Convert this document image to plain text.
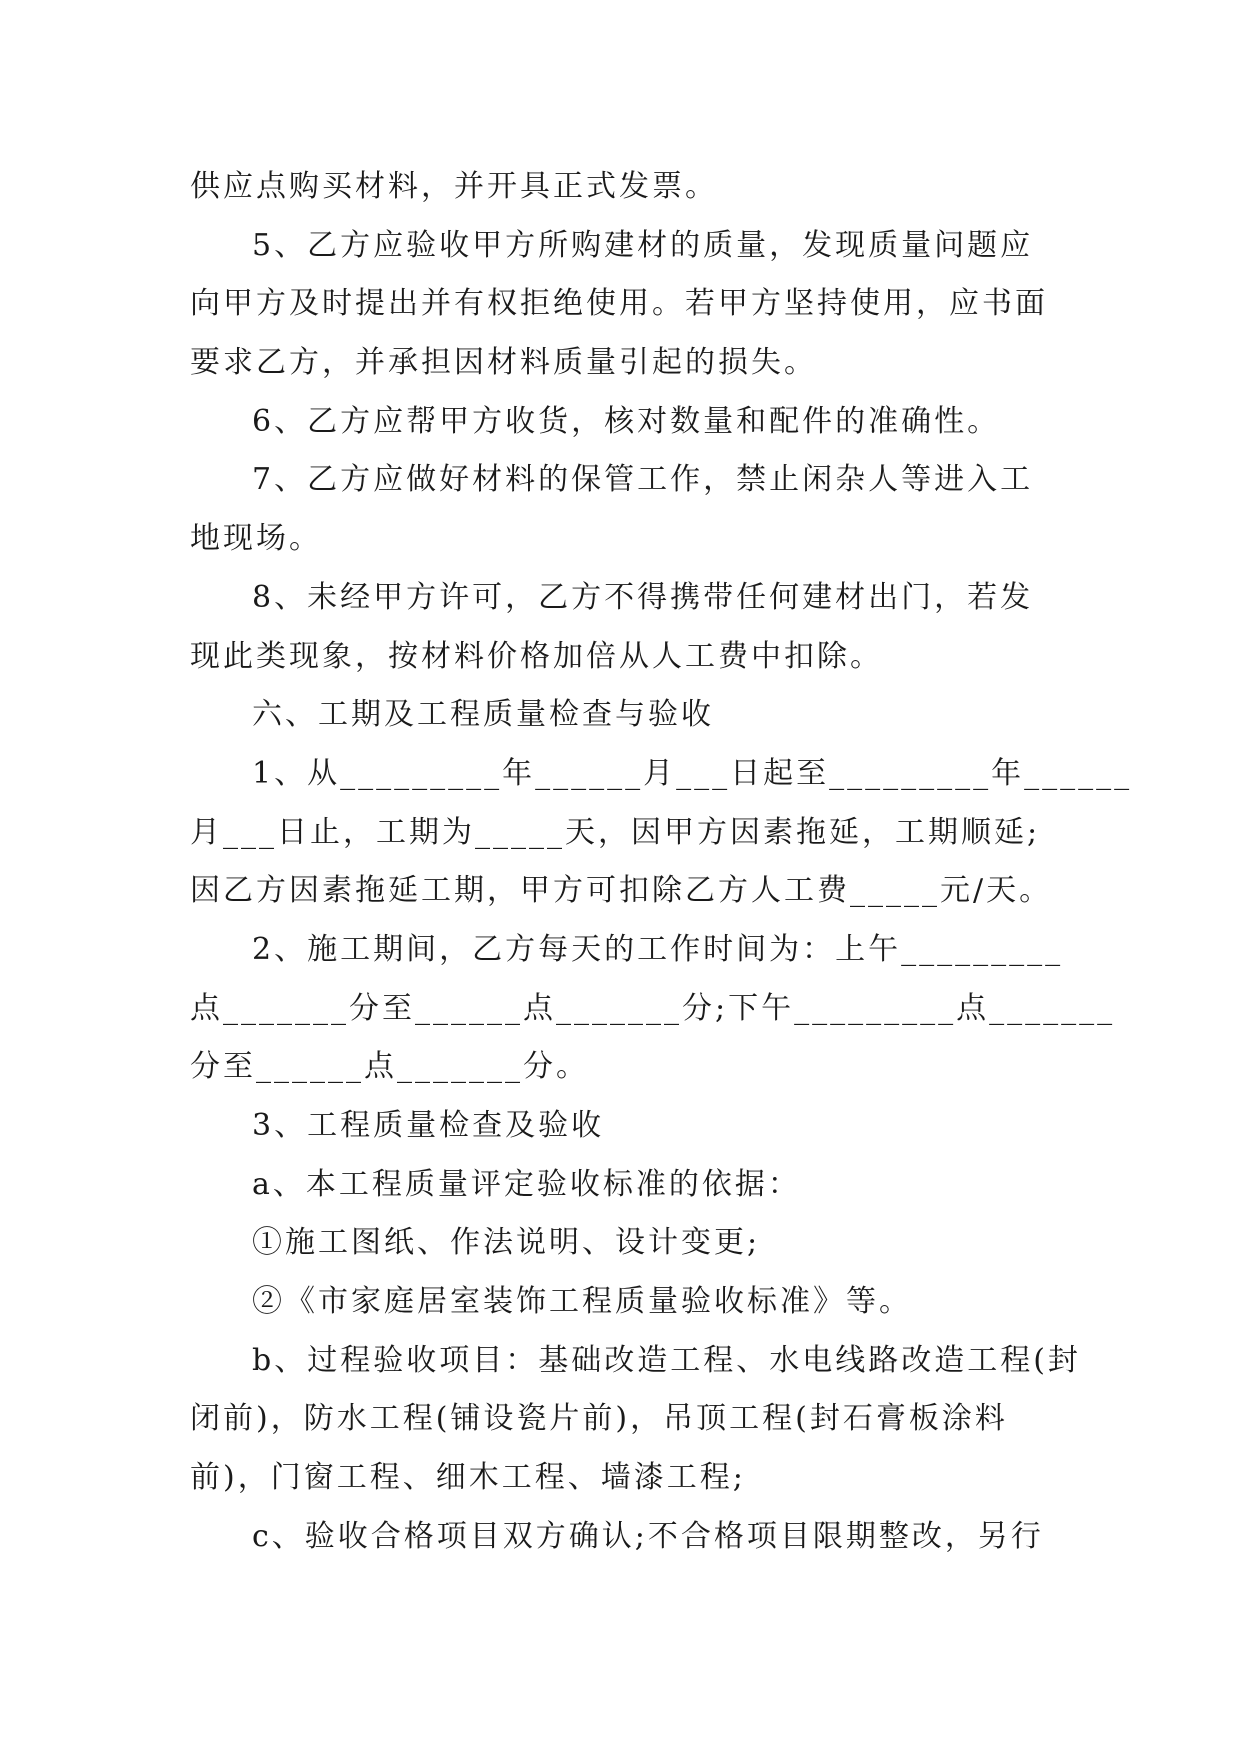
供应点购买材料，并开具正式发票。

5、乙方应验收甲方所购建材的质量，发现质量问题应

向甲方及时提出并有权拒绝使用。若甲方坚持使用，应书面

要求乙方，并承担因材料质量引起的损失。

6、乙方应帮甲方收货，核对数量和配件的准确性。

7、乙方应做好材料的保管工作，禁止闲杂人等进入工

地现场。

8、未经甲方许可，乙方不得携带任何建材出门，若发

现此类现象，按材料价格加倍从人工费中扣除。

六、工期及工程质量检查与验收

1、从_________年______月___日起至_________年______

月___日止，工期为_____天，因甲方因素拖延，工期顺延;

因乙方因素拖延工期，甲方可扣除乙方人工费_____元/天。

2、施工期间，乙方每天的工作时间为：上午_________

点_______分至______点_______分;下午_________点_______

分至______点_______分。

3、工程质量检查及验收

a、本工程质量评定验收标准的依据：

①施工图纸、作法说明、设计变更;

②《市家庭居室装饰工程质量验收标准》等。

b、过程验收项目：基础改造工程、水电线路改造工程(封

闭前)，防水工程(铺设瓷片前)，吊顶工程(封石膏板涂料

前)，门窗工程、细木工程、墙漆工程;

c、验收合格项目双方确认;不合格项目限期整改，另行
